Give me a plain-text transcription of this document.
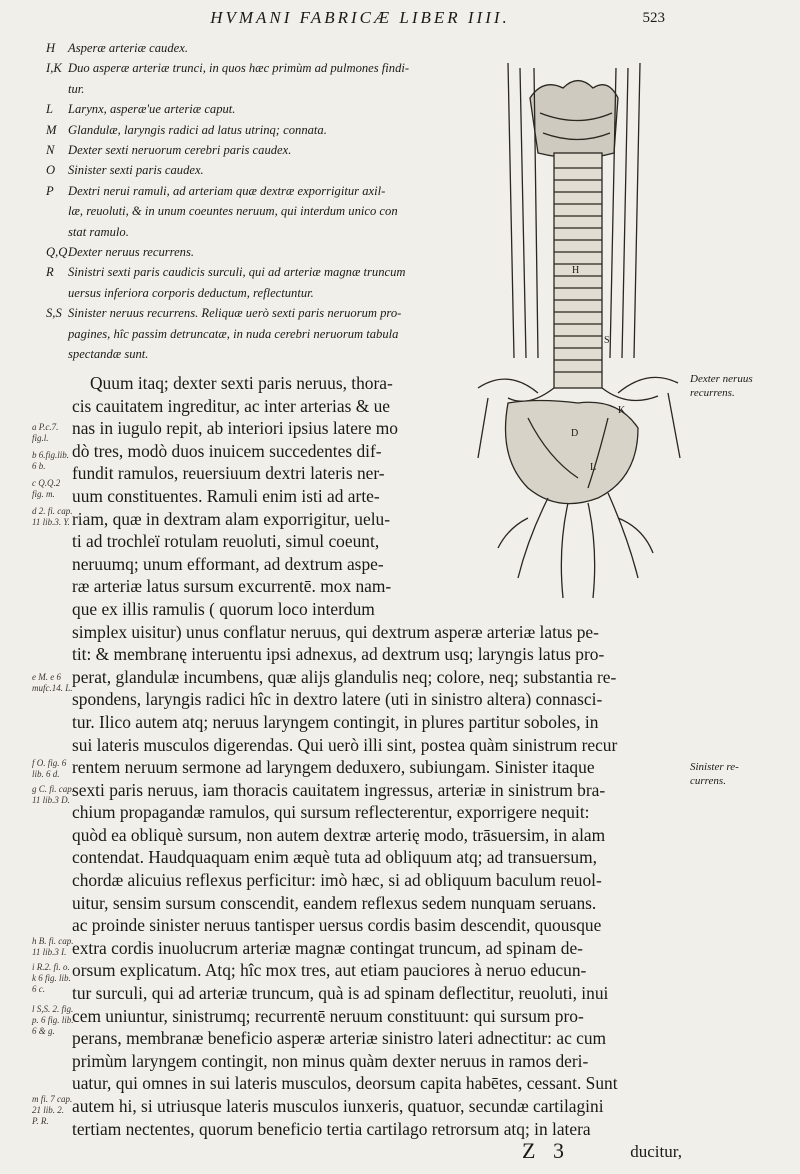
HVMANI FABRICÆ LIBER IIII.	523
H	Asperæ arteriæ caudex.
I,K Duo asperæ arteriæ trunci, in quos hæc primùm ad pulmones findi-
tur.
L	Larynx, asperæ'ue arteriæ caput.
M Glandulæ, laryngis radici ad latus utrinq; connata.
N	Dexter sexti neruorum cerebri paris caudex.
O	Sinister sexti paris caudex.
P	Dextri nerui ramuli, ad arteriam quæ dextræ exporrigitur axil-
læ, reuoluti, & in unum coeuntes neruum, qui interdum unico con
stat ramulo.
Q,Q Dexter neruus recurrens.
R	Sinistri sexti paris caudicis surculi, qui ad arteriæ magnæ truncum
uersus inferiora corporis deductum, reflectuntur.
S,S Sinister neruus recurrens. Reliquæ uerò sexti paris neruorum pro-
pagines, hîc passim detruncatæ, in nuda cerebri neruorum tabula
spectandæ sunt.
H
S
D
K
L
Dexter neruus
recurrens.
Sinister re-
currens.
a P.c.7.
fig.l.
b 6.fig.lib.
6 b.
c Q.Q.2
fig. m.
d 2. fi. cap.
11 lib.3. Y.
e M. e 6
mufc.14. L.
f O. fig. 6
lib. 6 d.
g C. fi. cap.
11 lib.3 D.
h B. fi. cap.
11 lib.3 I.
i R.2. fi. o.
k 6 fig. lib.
6 c.
l S,S. 2. fig.
p. 6 fig. lib.
6 & g.
m fi. 7 cap.
21 lib. 2.
P. R.
Quum itaq; dexter sexti paris neruus, thora-
cis cauitatem ingreditur, ac inter arterias & ue
nas in iugulo repit, ab interiori ipsius latere mo
dò tres, modò duos inuicem succedentes dif-
fundit ramulos, reuersiuum dextri lateris ner-
uum constituentes. Ramuli enim isti ad arte-
riam, quæ in dextram alam exporrigitur, uelu-
ti ad trochleï rotulam reuoluti, simul coeunt,
neruumq; unum efformant, ad dextrum aspe-
ræ arteriæ latus sursum excurrentē. mox nam-
que ex illis ramulis ( quorum loco interdum
simplex uisitur) unus conflatur neruus, qui dextrum asperæ arteriæ latus pe-
tit: & membranę interuentu ipsi adnexus, ad dextrum usq; laryngis latus pro-
perat, glandulæ incumbens, quæ alijs glandulis neq; colore, neq; substantia re-
spondens, laryngis radici hîc in dextro latere (uti in sinistro altera) connasci-
tur. Ilico autem atq; neruus laryngem contingit, in plures partitur soboles, in
sui lateris musculos digerendas. Qui uerò illi sint, postea quàm sinistrum recur
rentem neruum sermone ad laryngem deduxero, subiungam. Sinister itaque
sexti paris neruus, iam thoracis cauitatem ingressus, arteriæ in sinistrum bra-
chium propagandæ ramulos, qui sursum reflecterentur, exporrigere nequit:
quòd ea obliquè sursum, non autem dextræ arterię modo, trāsuersim, in alam
contendat. Haudquaquam enim æquè tuta ad obliquum atq; ad transuersum,
chordæ alicuius reflexus perficitur: imò hæc, si ad obliquum baculum reuol-
uitur, sensim sursum conscendit, eandem reflexus sedem nunquam seruans.
ac proinde sinister neruus tantisper uersus cordis basim descendit, quousque
extra cordis inuolucrum arteriæ magnæ contingat truncum, ad spinam de-
orsum explicatum. Atq; hîc mox tres, aut etiam pauciores à neruo educun-
tur surculi, qui ad arteriæ truncum, quà is ad spinam deflectitur, reuoluti, inui
cem uniuntur, sinistrumq; recurrentē neruum constituunt: qui sursum pro-
perans, membranæ beneficio asperæ arteriæ sinistro lateri adnectitur: ac cum
primùm laryngem contingit, non minus quàm dexter neruus in ramos deri-
uatur, qui omnes in sui lateris musculos, deorsum capita habētes, cessant. Sunt
autem hi, si utriusque lateris musculos iunxeris, quatuor, secundæ cartilagini
tertiam nectentes, quorum beneficio tertia cartilago retrorsum atq; in latera
Z 3	ducitur,
